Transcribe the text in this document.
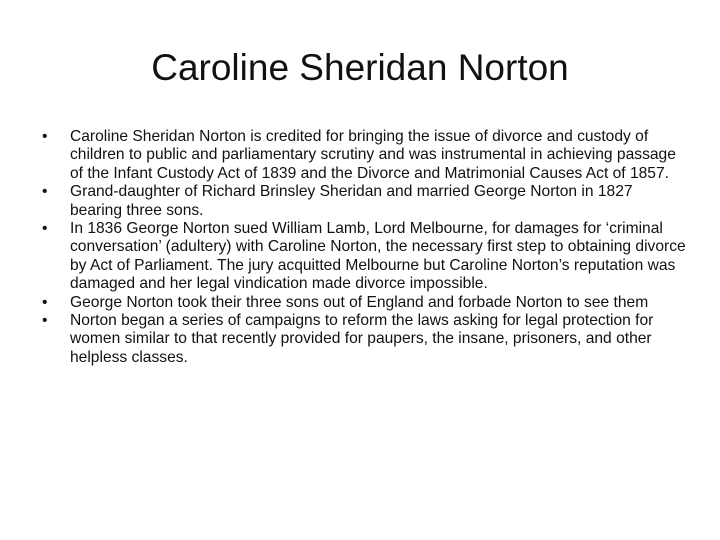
Caroline Sheridan Norton
•	Caroline Sheridan Norton is credited for bringing the issue of divorce and custody of children to public and parliamentary scrutiny and was instrumental in achieving passage of the Infant Custody Act of 1839 and the Divorce and Matrimonial Causes Act of 1857.
•	Grand-daughter of Richard Brinsley Sheridan and married George Norton in 1827 bearing three sons.
•	In 1836 George Norton sued William Lamb, Lord Melbourne, for damages for ‘criminal conversation’ (adultery) with Caroline Norton, the necessary first step to obtaining divorce by Act of Parliament. The jury acquitted Melbourne but Caroline Norton’s reputation was damaged and her legal vindication made divorce impossible.
•	George Norton took their three sons out of England and forbade Norton to see them
•	Norton began a series of campaigns to reform the laws asking for legal protection for women similar to that recently provided for paupers, the insane, prisoners, and other helpless classes.
